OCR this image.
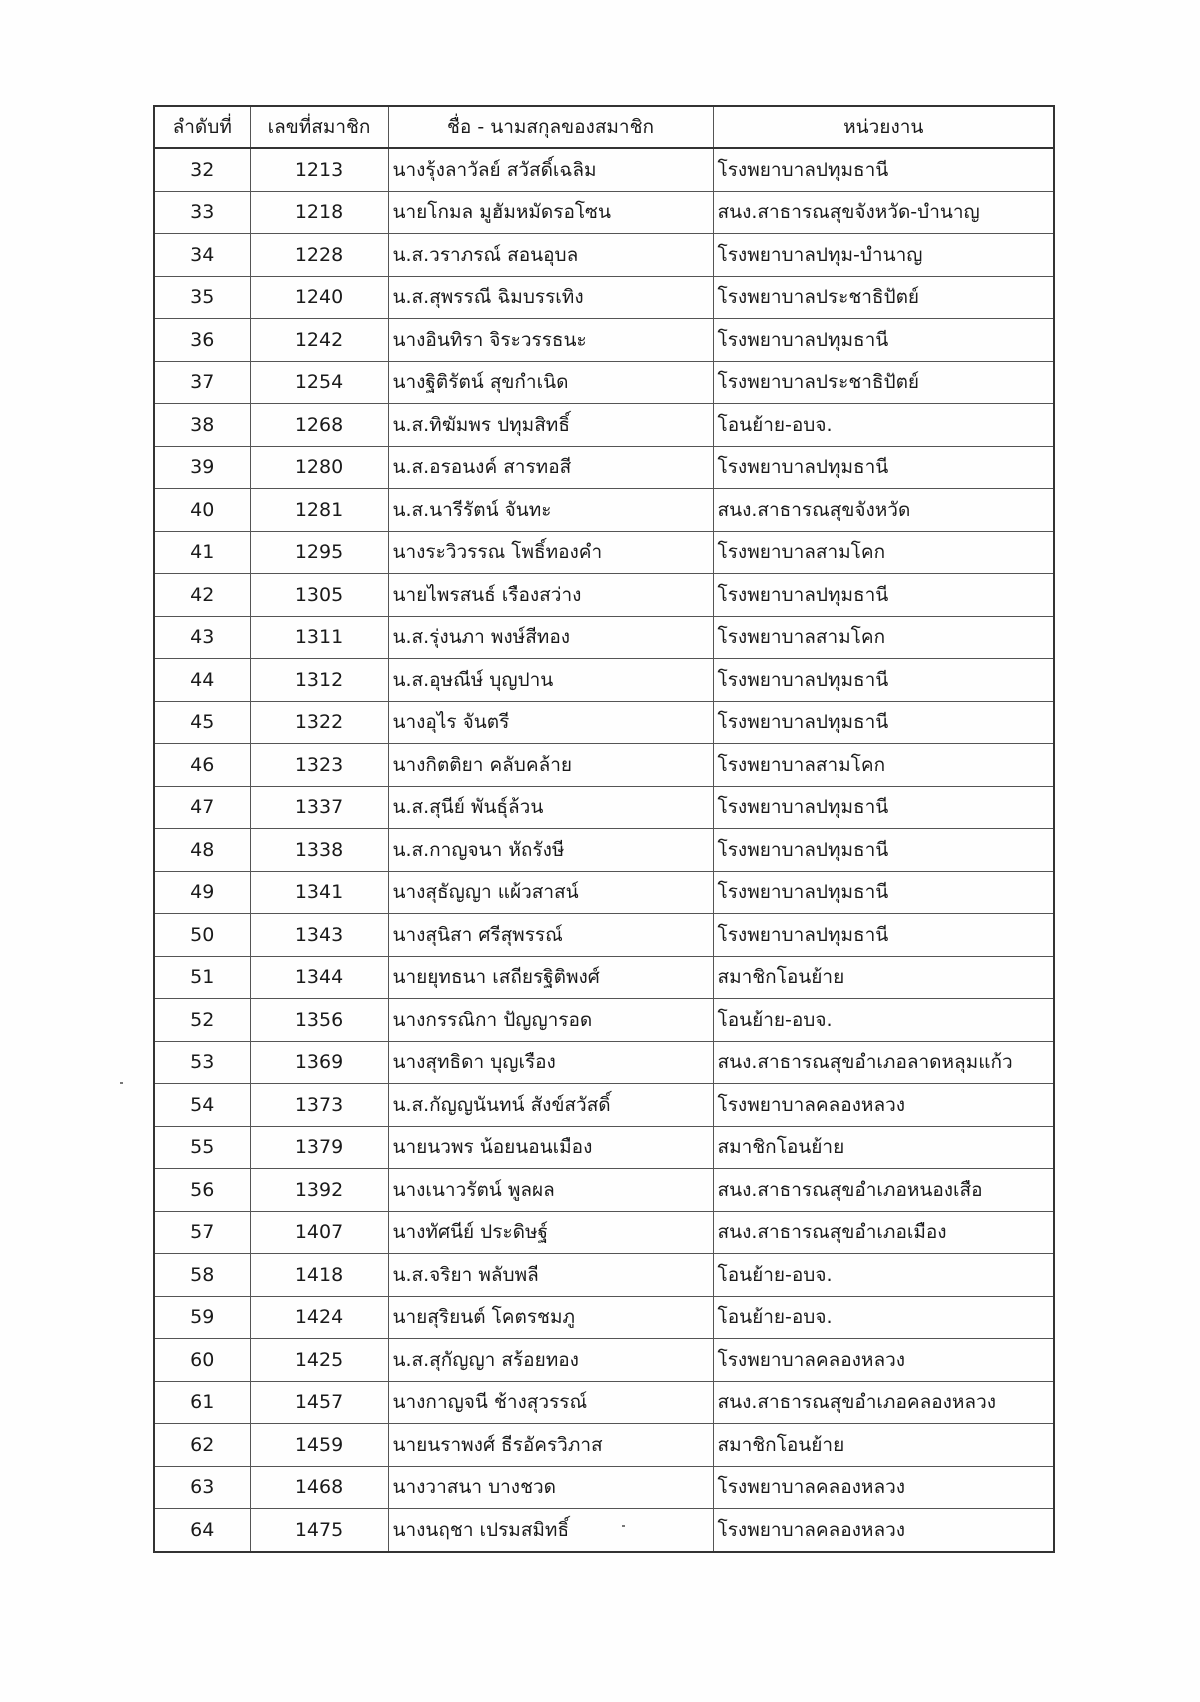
ลำดับที่	เลขที่สมาชิก	ชื่อ - นามสกุลของสมาชิก	หน่วยงาน
32	1213	นางรุ้งลาวัลย์ สวัสดิ์เฉลิม	โรงพยาบาลปทุมธานี
33	1218	นายโกมล มูฮัมหมัดรอโซน	สนง.สาธารณสุขจังหวัด-บำนาญ
34	1228	น.ส.วราภรณ์ สอนอุบล	โรงพยาบาลปทุม-บำนาญ
35	1240	น.ส.สุพรรณี ฉิมบรรเทิง	โรงพยาบาลประชาธิปัตย์
36	1242	นางอินทิรา จิระวรรธนะ	โรงพยาบาลปทุมธานี
37	1254	นางฐิติรัตน์ สุขกำเนิด	โรงพยาบาลประชาธิปัตย์
38	1268	น.ส.ทิฆัมพร ปทุมสิทธิ์	โอนย้าย-อบจ.
39	1280	น.ส.อรอนงค์ สารทอสี	โรงพยาบาลปทุมธานี
40	1281	น.ส.นารีรัตน์ จันทะ	สนง.สาธารณสุขจังหวัด
41	1295	นางระวิวรรณ โพธิ์ทองคำ	โรงพยาบาลสามโคก
42	1305	นายไพรสนธ์ เรืองสว่าง	โรงพยาบาลปทุมธานี
43	1311	น.ส.รุ่งนภา พงษ์สีทอง	โรงพยาบาลสามโคก
44	1312	น.ส.อุษณีษ์ บุญปาน	โรงพยาบาลปทุมธานี
45	1322	นางอุไร จันตรี	โรงพยาบาลปทุมธานี
46	1323	นางกิตติยา คลับคล้าย	โรงพยาบาลสามโคก
47	1337	น.ส.สุนีย์ พันธุ์ล้วน	โรงพยาบาลปทุมธานี
48	1338	น.ส.กาญจนา หัถรังษี	โรงพยาบาลปทุมธานี
49	1341	นางสุธัญญา แผ้วสาสน์	โรงพยาบาลปทุมธานี
50	1343	นางสุนิสา ศรีสุพรรณ์	โรงพยาบาลปทุมธานี
51	1344	นายยุทธนา เสถียรฐิติพงศ์	สมาชิกโอนย้าย
52	1356	นางกรรณิกา ปัญญารอด	โอนย้าย-อบจ.
53	1369	นางสุทธิดา บุญเรือง	สนง.สาธารณสุขอำเภอลาดหลุมแก้ว
54	1373	น.ส.กัญญนันทน์ สังข์สวัสดิ์	โรงพยาบาลคลองหลวง
55	1379	นายนวพร น้อยนอนเมือง	สมาชิกโอนย้าย
56	1392	นางเนาวรัตน์ พูลผล	สนง.สาธารณสุขอำเภอหนองเสือ
57	1407	นางทัศนีย์ ประดิษฐ์	สนง.สาธารณสุขอำเภอเมือง
58	1418	น.ส.จริยา พลับพลี	โอนย้าย-อบจ.
59	1424	นายสุริยนต์ โคตรชมภู	โอนย้าย-อบจ.
60	1425	น.ส.สุกัญญา สร้อยทอง	โรงพยาบาลคลองหลวง
61	1457	นางกาญจนี ช้างสุวรรณ์	สนง.สาธารณสุขอำเภอคลองหลวง
62	1459	นายนราพงศ์ ธีรอัครวิภาส	สมาชิกโอนย้าย
63	1468	นางวาสนา บางชวด	โรงพยาบาลคลองหลวง
64	1475	นางนฤชา เปรมสมิทธิ์	โรงพยาบาลคลองหลวง
